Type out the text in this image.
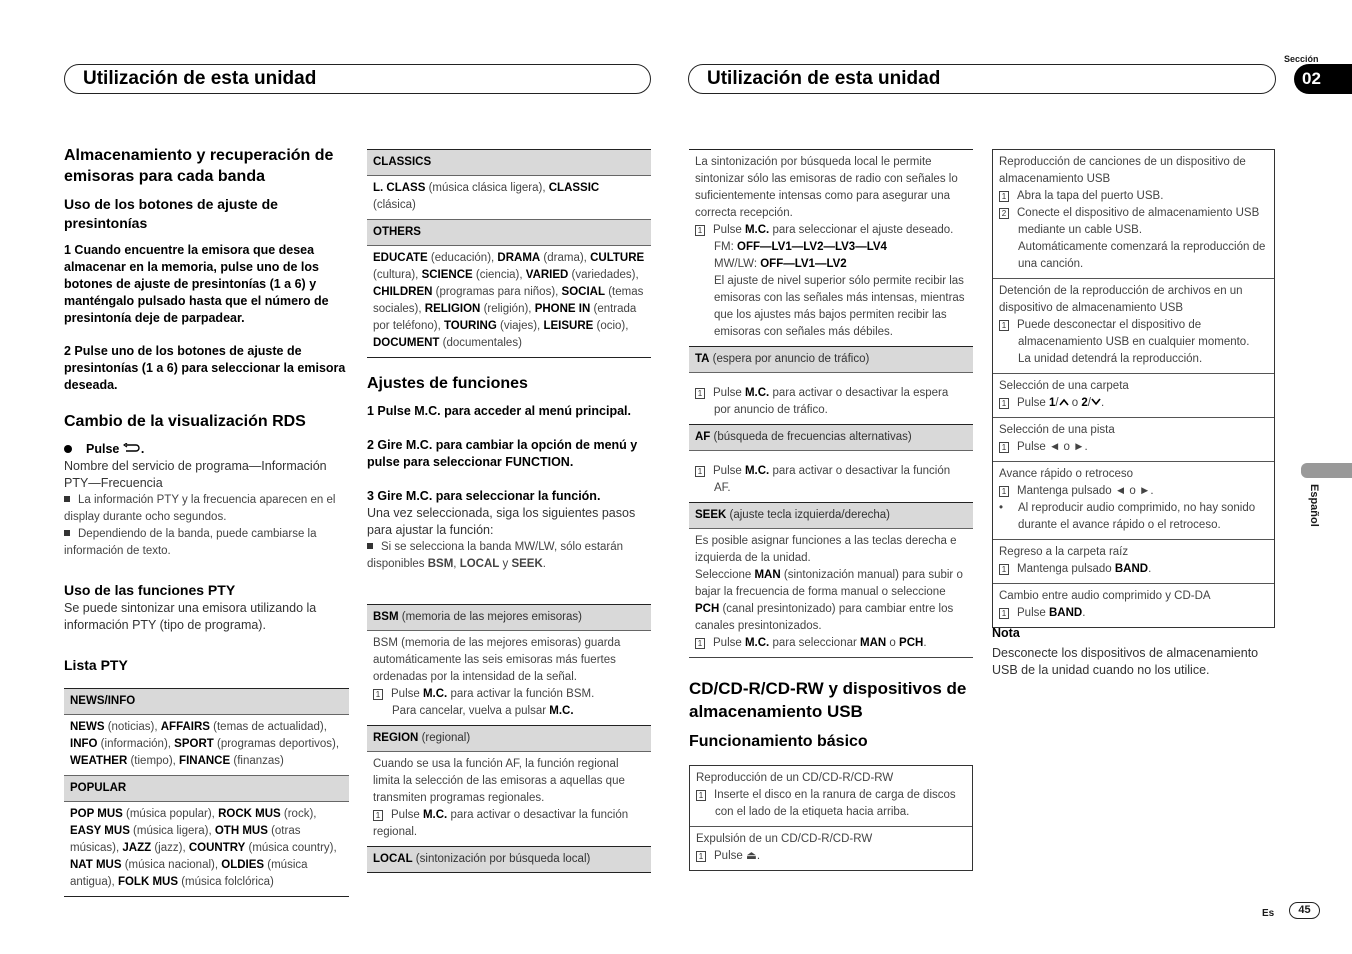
Utilización de esta unidad	Utilización de esta unidad
Sección
02
Español
Almacenamiento y recuperación de emisoras para cada banda
Uso de los botones de ajuste de presintonías
1 Cuando encuentre la emisora que desea almacenar en la memoria, pulse uno de los botones de ajuste de presintonías (1 a 6) y manténgalo pulsado hasta que el número de presintonía deje de parpadear.
2 Pulse uno de los botones de ajuste de presintonías (1 a 6) para seleccionar la emisora deseada.
Cambio de la visualización RDS
Pulse .
Nombre del servicio de programa—Información PTY—Frecuencia
La información PTY y la frecuencia aparecen en el display durante ocho segundos.
Dependiendo de la banda, puede cambiarse la información de texto.
Uso de las funciones PTY
Se puede sintonizar una emisora utilizando la información PTY (tipo de programa).
Lista PTY
NEWS/INFO
NEWS (noticias), AFFAIRS (temas de actualidad), INFO (información), SPORT (programas deportivos), WEATHER (tiempo), FINANCE (finanzas)
POPULAR
POP MUS (música popular), ROCK MUS (rock), EASY MUS (música ligera), OTH MUS (otras músicas), JAZZ (jazz), COUNTRY (música country), NAT MUS (música nacional), OLDIES (música antigua), FOLK MUS (música folclórica)
CLASSICS
L. CLASS (música clásica ligera), CLASSIC (clásica)
OTHERS
EDUCATE (educación), DRAMA (drama), CULTURE (cultura), SCIENCE (ciencia), VARIED (variedades), CHILDREN (programas para niños), SOCIAL (temas sociales), RELIGION (religión), PHONE IN (entrada por teléfono), TOURING (viajes), LEISURE (ocio), DOCUMENT (documentales)
Ajustes de funciones
1 Pulse M.C. para acceder al menú principal.
2 Gire M.C. para cambiar la opción de menú y pulse para seleccionar FUNCTION.
3 Gire M.C. para seleccionar la función.
Una vez seleccionada, siga los siguientes pasos para ajustar la función:
Si se selecciona la banda MW/LW, sólo estarán disponibles BSM, LOCAL y SEEK.
BSM (memoria de las mejores emisoras)
BSM (memoria de las mejores emisoras) guarda automáticamente las seis emisoras más fuertes ordenadas por la intensidad de la señal.
1 Pulse M.C. para activar la función BSM.
Para cancelar, vuelva a pulsar M.C.
REGION (regional)
Cuando se usa la función AF, la función regional limita la selección de las emisoras a aquellas que transmiten programas regionales.
1 Pulse M.C. para activar o desactivar la función regional.
LOCAL (sintonización por búsqueda local)
La sintonización por búsqueda local le permite sintonizar sólo las emisoras de radio con señales lo suficientemente intensas como para asegurar una correcta recepción.
1 Pulse M.C. para seleccionar el ajuste deseado.
FM: OFF—LV1—LV2—LV3—LV4
MW/LW: OFF—LV1—LV2
El ajuste de nivel superior sólo permite recibir las emisoras con las señales más intensas, mientras que los ajustes más bajos permiten recibir las emisoras con señales más débiles.
TA (espera por anuncio de tráfico)
1 Pulse M.C. para activar o desactivar la espera por anuncio de tráfico.
AF (búsqueda de frecuencias alternativas)
1 Pulse M.C. para activar o desactivar la función AF.
SEEK (ajuste tecla izquierda/derecha)
Es posible asignar funciones a las teclas derecha e izquierda de la unidad.
Seleccione MAN (sintonización manual) para subir o bajar la frecuencia de forma manual o seleccione PCH (canal presintonizado) para cambiar entre los canales presintonizados.
1 Pulse M.C. para seleccionar MAN o PCH.
CD/CD-R/CD-RW y dispositivos de almacenamiento USB
Funcionamiento básico
Reproducción de un CD/CD-R/CD-RW
1 Inserte el disco en la ranura de carga de discos con el lado de la etiqueta hacia arriba.
Expulsión de un CD/CD-R/CD-RW
1 Pulse ⏏.
Reproducción de canciones de un dispositivo de almacenamiento USB
1 Abra la tapa del puerto USB.
2 Conecte el dispositivo de almacenamiento USB mediante un cable USB.
Automáticamente comenzará la reproducción de una canción.
Detención de la reproducción de archivos en un dispositivo de almacenamiento USB
1 Puede desconectar el dispositivo de almacenamiento USB en cualquier momento.
La unidad detendrá la reproducción.
Selección de una carpeta
1 Pulse 1/ o 2/ .
Selección de una pista
1 Pulse ◄ o ►.
Avance rápido o retroceso
1 Mantenga pulsado ◄ o ►.
• Al reproducir audio comprimido, no hay sonido durante el avance rápido o el retroceso.
Regreso a la carpeta raíz
1 Mantenga pulsado BAND.
Cambio entre audio comprimido y CD-DA
1 Pulse BAND.
Nota
Desconecte los dispositivos de almacenamiento USB de la unidad cuando no los utilice.
Es	45
